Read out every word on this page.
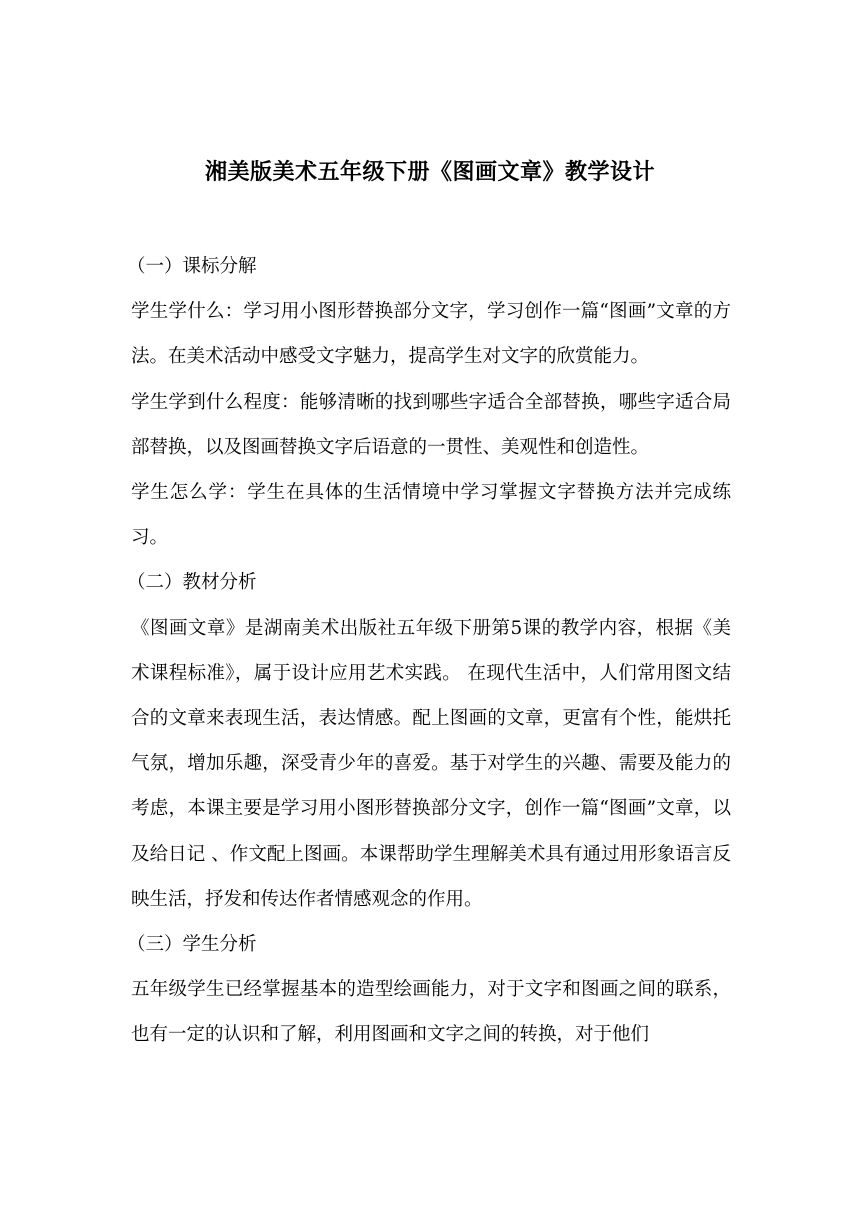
湘美版美术五年级下册《图画文章》教学设计

（一）课标分解

学生学什么：学习用小图形替换部分文字，学习创作一篇“图画”文章的方法。在美术活动中感受文字魅力，提高学生对文字的欣赏能力。

学生学到什么程度：能够清晰的找到哪些字适合全部替换，哪些字适合局部替换，以及图画替换文字后语意的一贯性、美观性和创造性。

学生怎么学：学生在具体的生活情境中学习掌握文字替换方法并完成练习。

（二）教材分析

《图画文章》是湖南美术出版社五年级下册第5课的教学内容，根据《美术课程标准》，属于设计应用艺术实践。 在现代生活中，人们常用图文结合的文章来表现生活，表达情感。配上图画的文章，更富有个性，能烘托气氛，增加乐趣，深受青少年的喜爱。基于对学生的兴趣、需要及能力的考虑，本课主要是学习用小图形替换部分文字，创作一篇“图画”文章，以及给日记 、作文配上图画。本课帮助学生理解美术具有通过用形象语言反映生活，抒发和传达作者情感观念的作用。

（三）学生分析

五年级学生已经掌握基本的造型绘画能力，对于文字和图画之间的联系，也有一定的认识和了解，利用图画和文字之间的转换，对于他们
